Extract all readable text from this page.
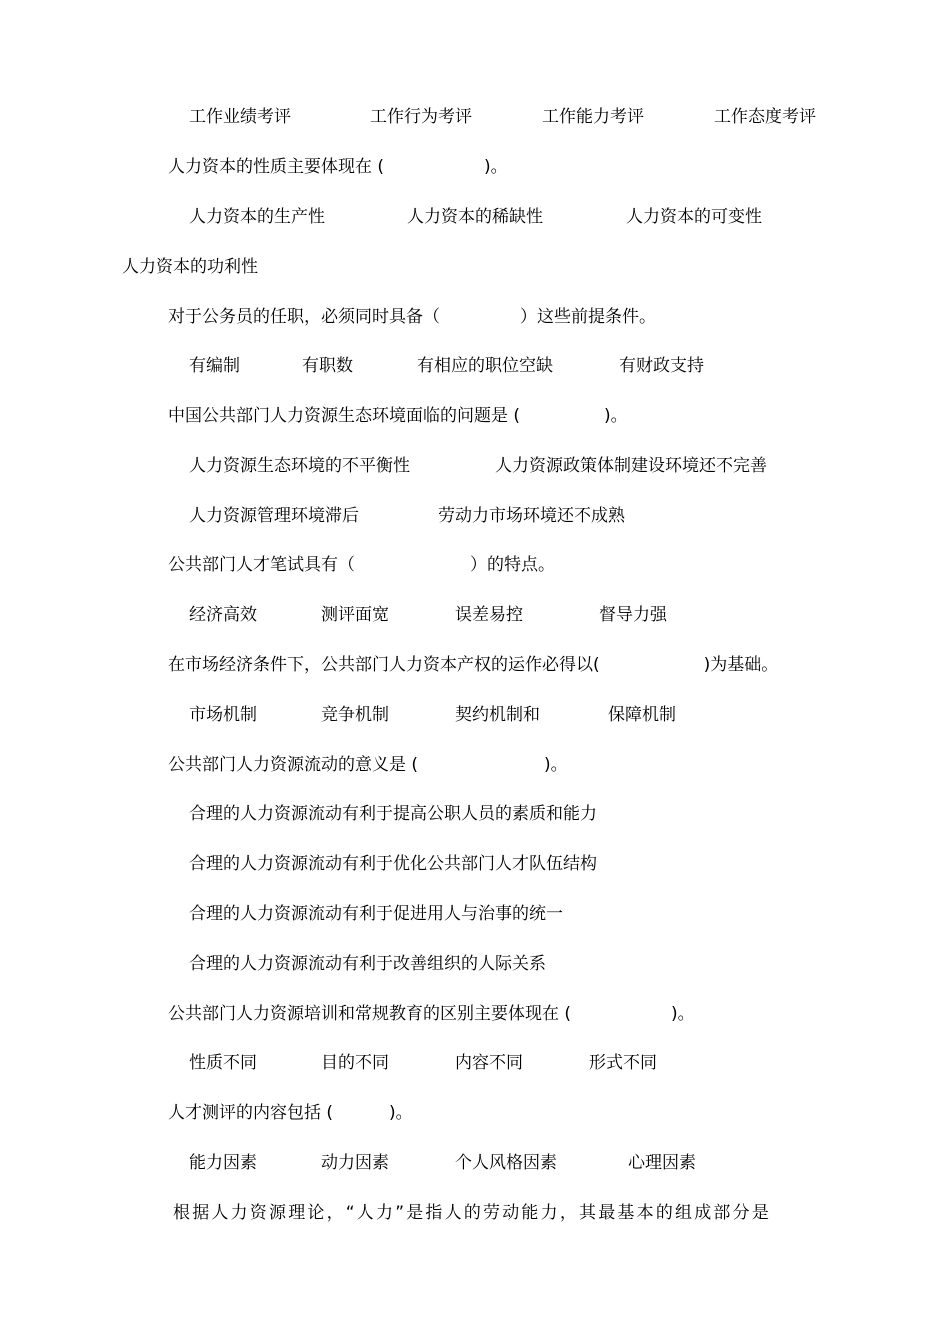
工作业绩考评	工作行为考评	工作能力考评	工作态度考评
人力资本的性质主要体现在 (	)。
人力资本的生产性	人力资本的稀缺性	人力资本的可变性
人力资本的功利性
对于公务员的任职，必须同时具备（	）这些前提条件。
有编制	有职数	有相应的职位空缺	有财政支持
中国公共部门人力资源生态环境面临的问题是 (	)。
人力资源生态环境的不平衡性	人力资源政策体制建设环境还不完善
人力资源管理环境滞后	劳动力市场环境还不成熟
公共部门人才笔试具有（	）的特点。
经济高效	测评面宽	误差易控	督导力强
在市场经济条件下，公共部门人力资本产权的运作必得以(	)为基础。
市场机制	竞争机制	契约机制和	保障机制
公共部门人力资源流动的意义是 (	)。
合理的人力资源流动有利于提高公职人员的素质和能力
合理的人力资源流动有利于优化公共部门人才队伍结构
合理的人力资源流动有利于促进用人与治事的统一
合理的人力资源流动有利于改善组织的人际关系
公共部门人力资源培训和常规教育的区别主要体现在 (	)。
性质不同	目的不同	内容不同	形式不同
人才测评的内容包括 (	)。
能力因素	动力因素	个人风格因素	心理因素
根据人力资源理论，“人力”是指人的劳动能力，其最基本的组成部分是
